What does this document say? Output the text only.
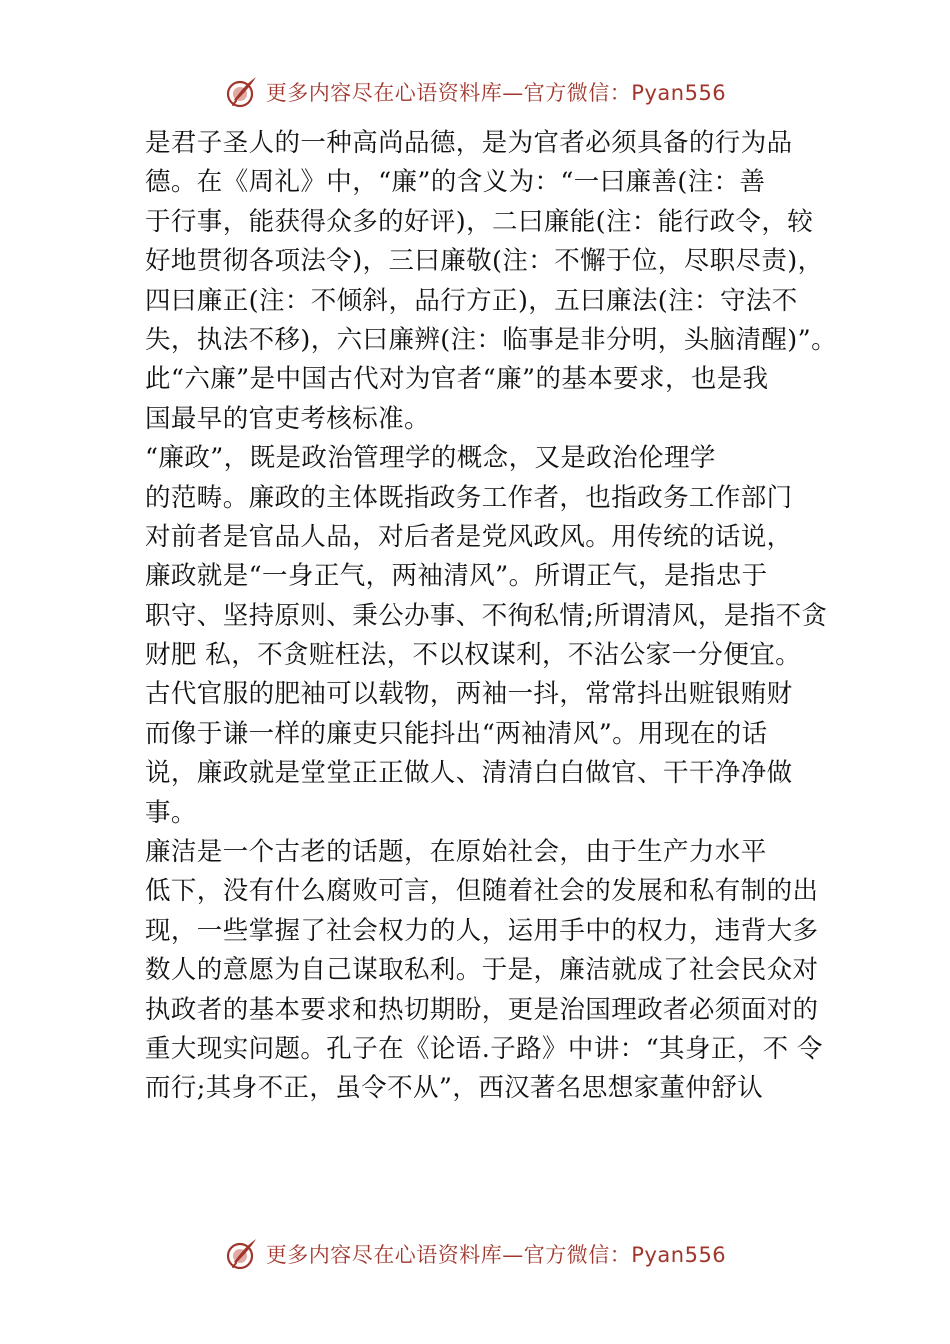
更多内容尽在心语资料库—官方微信：Pyan556
是君子圣人的一种高尚品德，是为官者必须具备的行为品
德。在《周礼》中，“廉”的含义为：“一曰廉善(注：善
于行事，能获得众多的好评)，二曰廉能(注：能行政令，较
好地贯彻各项法令)，三曰廉敬(注：不懈于位，尽职尽责)，
四曰廉正(注：不倾斜，品行方正)，五曰廉法(注：守法不
失，执法不移)，六曰廉辨(注：临事是非分明，头脑清醒)”。
此“六廉”是中国古代对为官者“廉”的基本要求，也是我
国最早的官吏考核标准。
“廉政”，既是政治管理学的概念，又是政治伦理学
的范畴。廉政的主体既指政务工作者，也指政务工作部门
对前者是官品人品，对后者是党风政风。用传统的话说，
廉政就是“一身正气，两袖清风”。所谓正气，是指忠于
职守、坚持原则、秉公办事、不徇私情;所谓清风，是指不贪
财肥 私，不贪赃枉法，不以权谋利，不沾公家一分便宜。
古代官服的肥袖可以载物，两袖一抖，常常抖出赃银贿财
而像于谦一样的廉吏只能抖出“两袖清风”。用现在的话
说，廉政就是堂堂正正做人、清清白白做官、干干净净做
事。
廉洁是一个古老的话题，在原始社会，由于生产力水平
低下，没有什么腐败可言，但随着社会的发展和私有制的出
现，一些掌握了社会权力的人，运用手中的权力，违背大多
数人的意愿为自己谋取私利。于是，廉洁就成了社会民众对
执政者的基本要求和热切期盼，更是治国理政者必须面对的
重大现实问题。孔子在《论语.子路》中讲：“其身正，不 令
而行;其身不正，虽令不从”，西汉著名思想家董仲舒认
更多内容尽在心语资料库—官方微信：Pyan556
